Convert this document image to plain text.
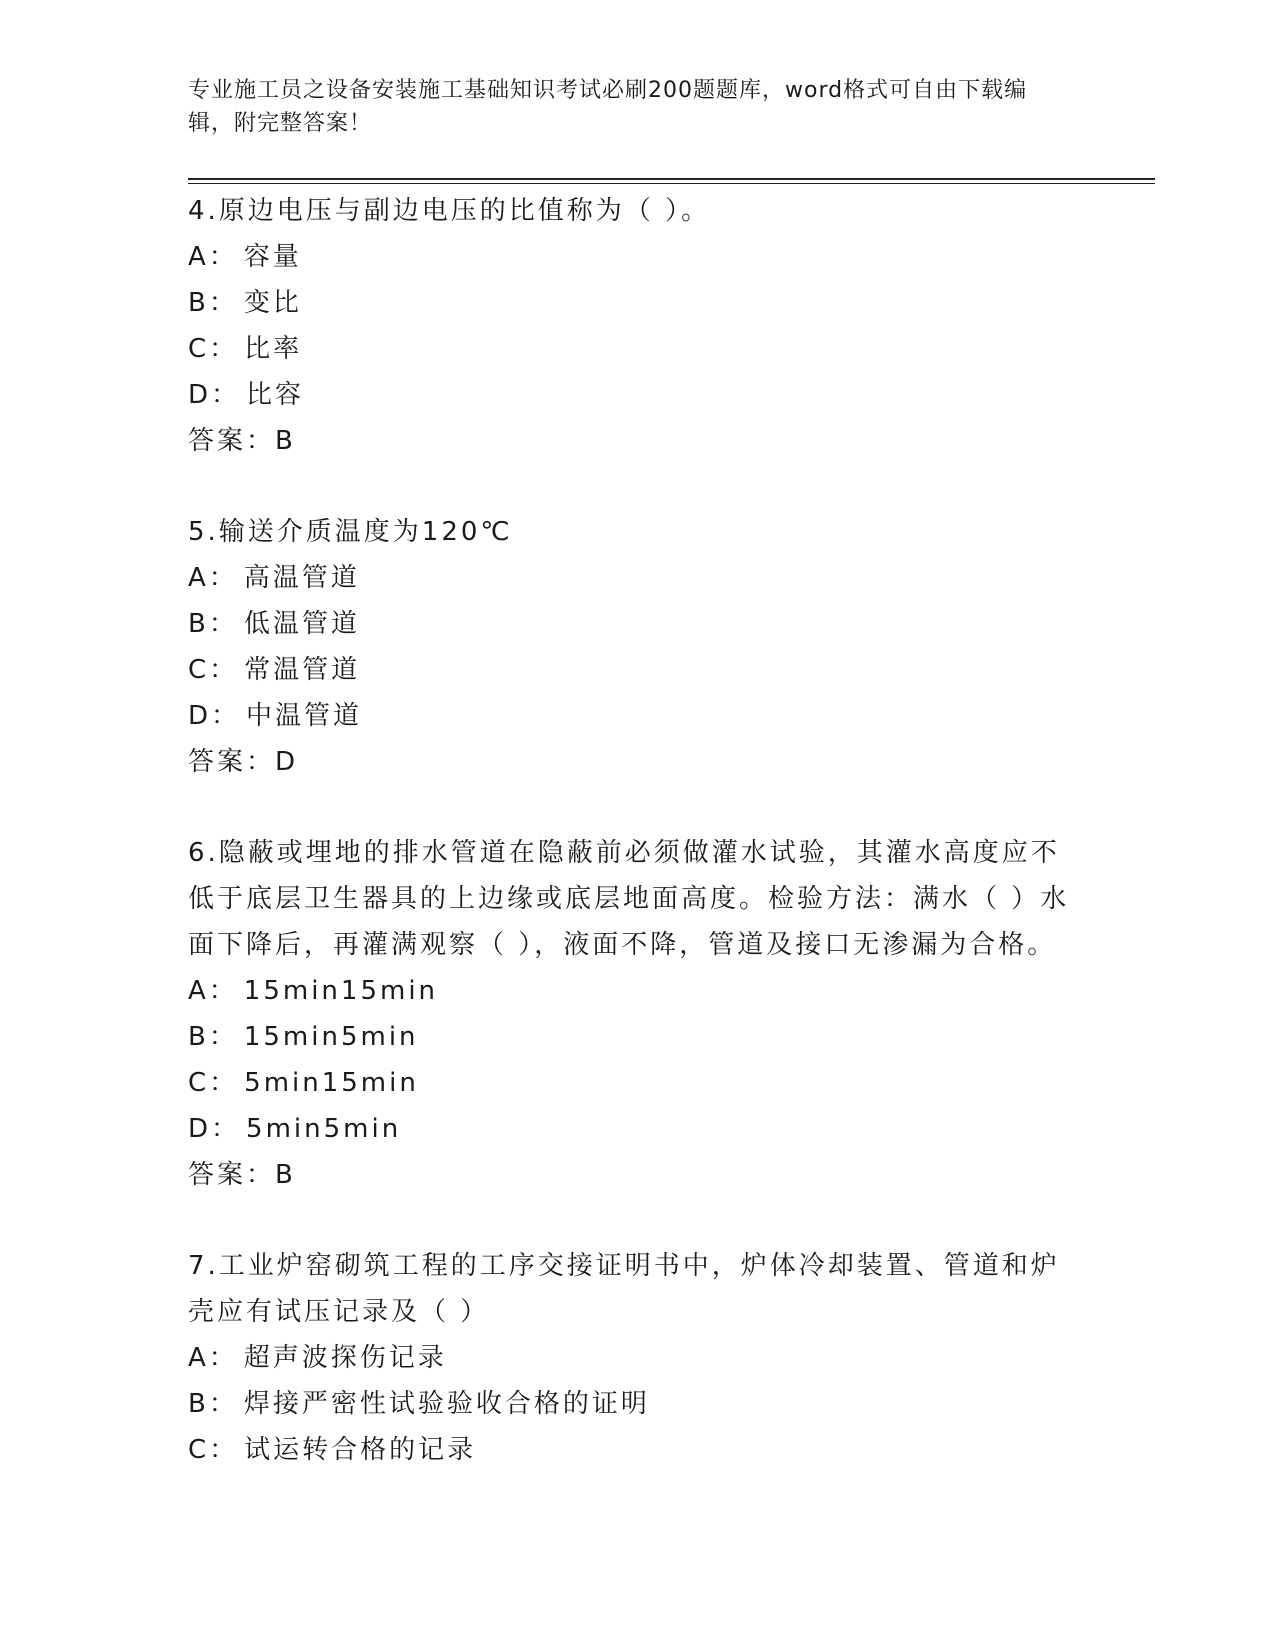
专业施工员之设备安装施工基础知识考试必刷200题题库，word格式可自由下载编辑，附完整答案！
4.原边电压与副边电压的比值称为（ ）。
A： 容量
B： 变比
C： 比率
D： 比容
答案：B
5.输送介质温度为120℃
A： 高温管道
B： 低温管道
C： 常温管道
D： 中温管道
答案：D
6.隐蔽或埋地的排水管道在隐蔽前必须做灌水试验，其灌水高度应不低于底层卫生器具的上边缘或底层地面高度。检验方法：满水（ ）水面下降后，再灌满观察（ ），液面不降，管道及接口无渗漏为合格。
A： 15min15min
B： 15min5min
C： 5min15min
D： 5min5min
答案：B
7.工业炉窑砌筑工程的工序交接证明书中，炉体冷却装置、管道和炉壳应有试压记录及（ ）
A： 超声波探伤记录
B： 焊接严密性试验验收合格的证明
C： 试运转合格的记录
